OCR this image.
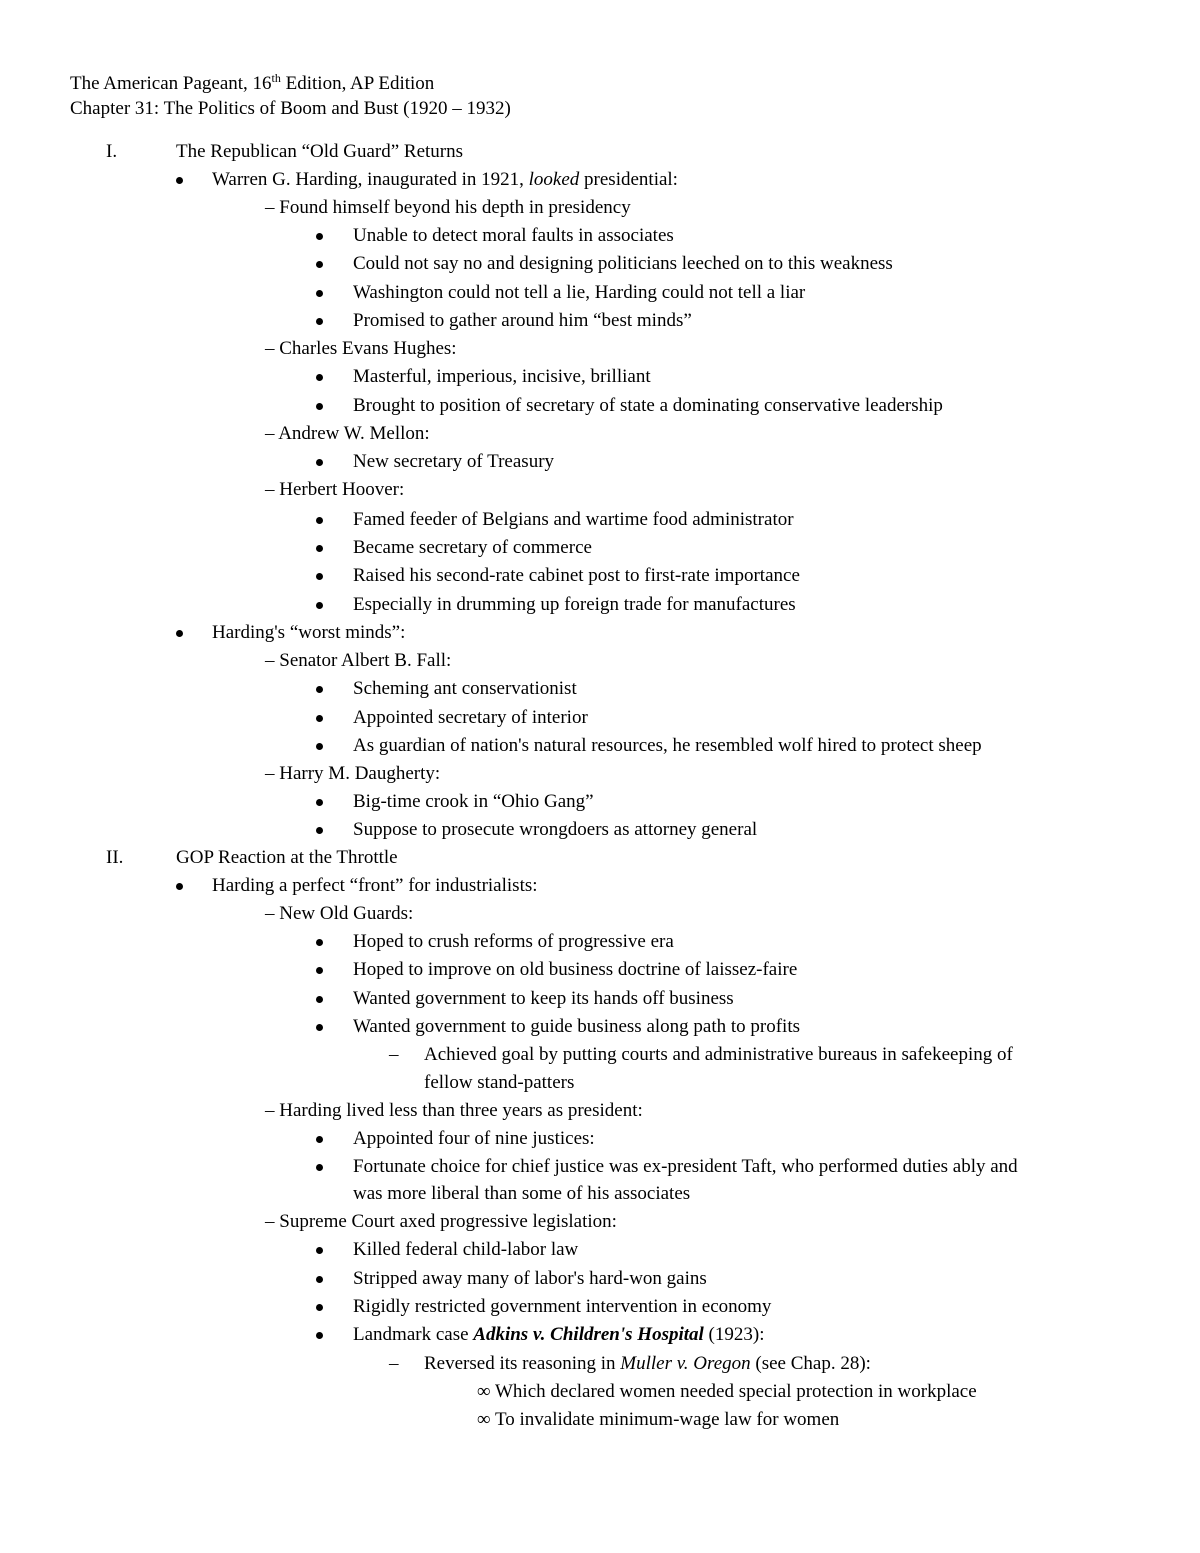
The American Pageant, 16th Edition, AP Edition
Chapter 31: The Politics of Boom and Bust (1920 – 1932)
I.	The Republican “Old Guard” Returns
Warren G. Harding, inaugurated in 1921, looked presidential:
– Found himself beyond his depth in presidency
Unable to detect moral faults in associates
Could not say no and designing politicians leeched on to this weakness
Washington could not tell a lie, Harding could not tell a liar
Promised to gather around him “best minds”
– Charles Evans Hughes:
Masterful, imperious, incisive, brilliant
Brought to position of secretary of state a dominating conservative leadership
– Andrew W. Mellon:
New secretary of Treasury
– Herbert Hoover:
Famed feeder of Belgians and wartime food administrator
Became secretary of commerce
Raised his second-rate cabinet post to first-rate importance
Especially in drumming up foreign trade for manufactures
Harding's “worst minds”:
– Senator Albert B. Fall:
Scheming ant conservationist
Appointed secretary of interior
As guardian of nation's natural resources, he resembled wolf hired to protect sheep
– Harry M. Daugherty:
Big-time crook in “Ohio Gang”
Suppose to prosecute wrongdoers as attorney general
II.	GOP Reaction at the Throttle
Harding a perfect “front” for industrialists:
– New Old Guards:
Hoped to crush reforms of progressive era
Hoped to improve on old business doctrine of laissez-faire
Wanted government to keep its hands off business
Wanted government to guide business along path to profits
– Achieved goal by putting courts and administrative bureaus in safekeeping of
fellow stand-patters
– Harding lived less than three years as president:
Appointed four of nine justices:
Fortunate choice for chief justice was ex-president Taft, who performed duties ably and
was more liberal than some of his associates
– Supreme Court axed progressive legislation:
Killed federal child-labor law
Stripped away many of labor's hard-won gains
Rigidly restricted government intervention in economy
Landmark case Adkins v. Children's Hospital (1923):
– Reversed its reasoning in Muller v. Oregon (see Chap. 28):
∞ Which declared women needed special protection in workplace
∞ To invalidate minimum-wage law for women
